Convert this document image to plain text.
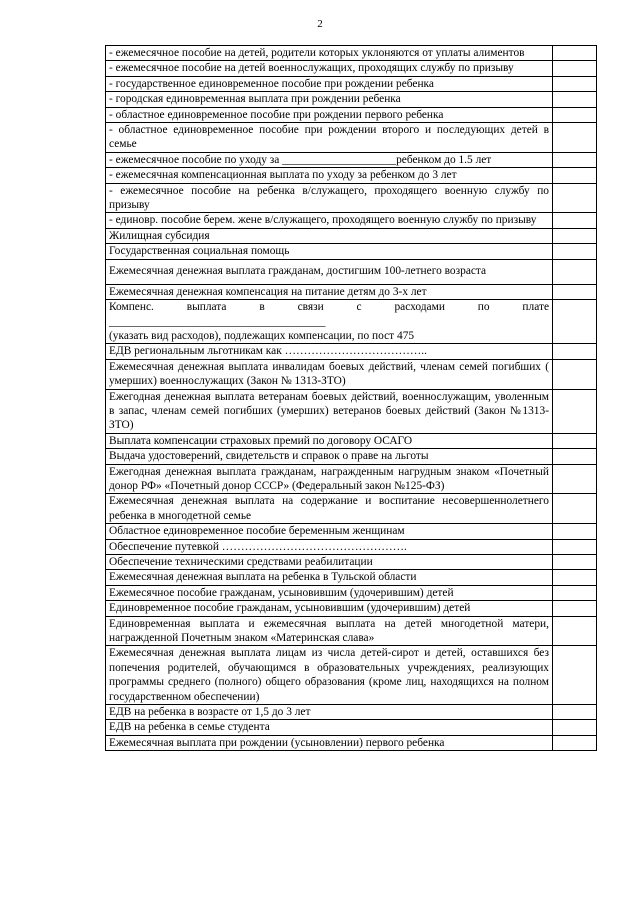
2
- ежемесячное пособие на детей, родители которых уклоняются от уплаты алиментов	
- ежемесячное пособие на детей военнослужащих, проходящих службу по призыву	
- государственное единовременное пособие при рождении ребенка	
- городская единовременная выплата при рождении ребенка	
- областное единовременное пособие при рождении первого ребенка	
- областное единовременное пособие при рождении второго и последующих детей в семье	
- ежемесячное пособие по уходу за ____________________ребенком до 1.5 лет	
- ежемесячная компенсационная выплата по уходу за ребенком до 3 лет	
- ежемесячное пособие на ребенка в/служащего, проходящего военную службу по призыву	
- единовр. пособие берем. жене в/служащего, проходящего военную службу по призыву	
Жилищная субсидия	
Государственная социальная помощь	
Ежемесячная денежная выплата гражданам, достигшим 100-летнего возраста	
Ежемесячная денежная компенсация на питание детям до 3-х лет	

Компенс. выплата в связи с расходами по плате
______________________________________
(указать вид расходов), подлежащих компенсации, по пост 475	

ЕДВ региональным льготникам как ………………………………..	
Ежемесячная денежная выплата инвалидам боевых действий, членам семей погибших ( умерших) военнослужащих (Закон № 1313-ЗТО)	
Ежегодная денежная выплата ветеранам боевых действий, военнослужащим, уволенным в запас, членам семей погибших (умерших) ветеранов боевых действий (Закон №1313-ЗТО)	
Выплата компенсации страховых премий по договору ОСАГО	
Выдача удостоверений, свидетельств и справок о праве на льготы	
Ежегодная денежная выплата гражданам, награжденным нагрудным знаком «Почетный донор РФ» «Почетный донор СССР» (Федеральный закон №125-ФЗ)	
Ежемесячная денежная выплата на содержание и воспитание несовершеннолетнего ребенка в многодетной семье	
Областное единовременное пособие беременным женщинам	
Обеспечение путевкой ………………………………………….	
Обеспечение техническими средствами реабилитации	
Ежемесячная денежная выплата на ребенка в Тульской области	
Ежемесячное пособие гражданам, усыновившим (удочерившим) детей	
Единовременное пособие гражданам, усыновившим (удочерившим) детей	
Единовременная выплата и ежемесячная выплата на детей многодетной матери, награжденной Почетным знаком «Материнская слава»	
Ежемесячная денежная выплата лицам из числа детей-сирот и детей, оставшихся без попечения родителей, обучающимся в образовательных учреждениях, реализующих программы среднего (полного) общего образования (кроме лиц, находящихся на полном государственном обеспечении)	
ЕДВ на ребенка в возрасте от 1,5 до 3 лет	
ЕДВ на ребенка в семье студента	
Ежемесячная выплата при рождении (усыновлении) первого ребенка	
